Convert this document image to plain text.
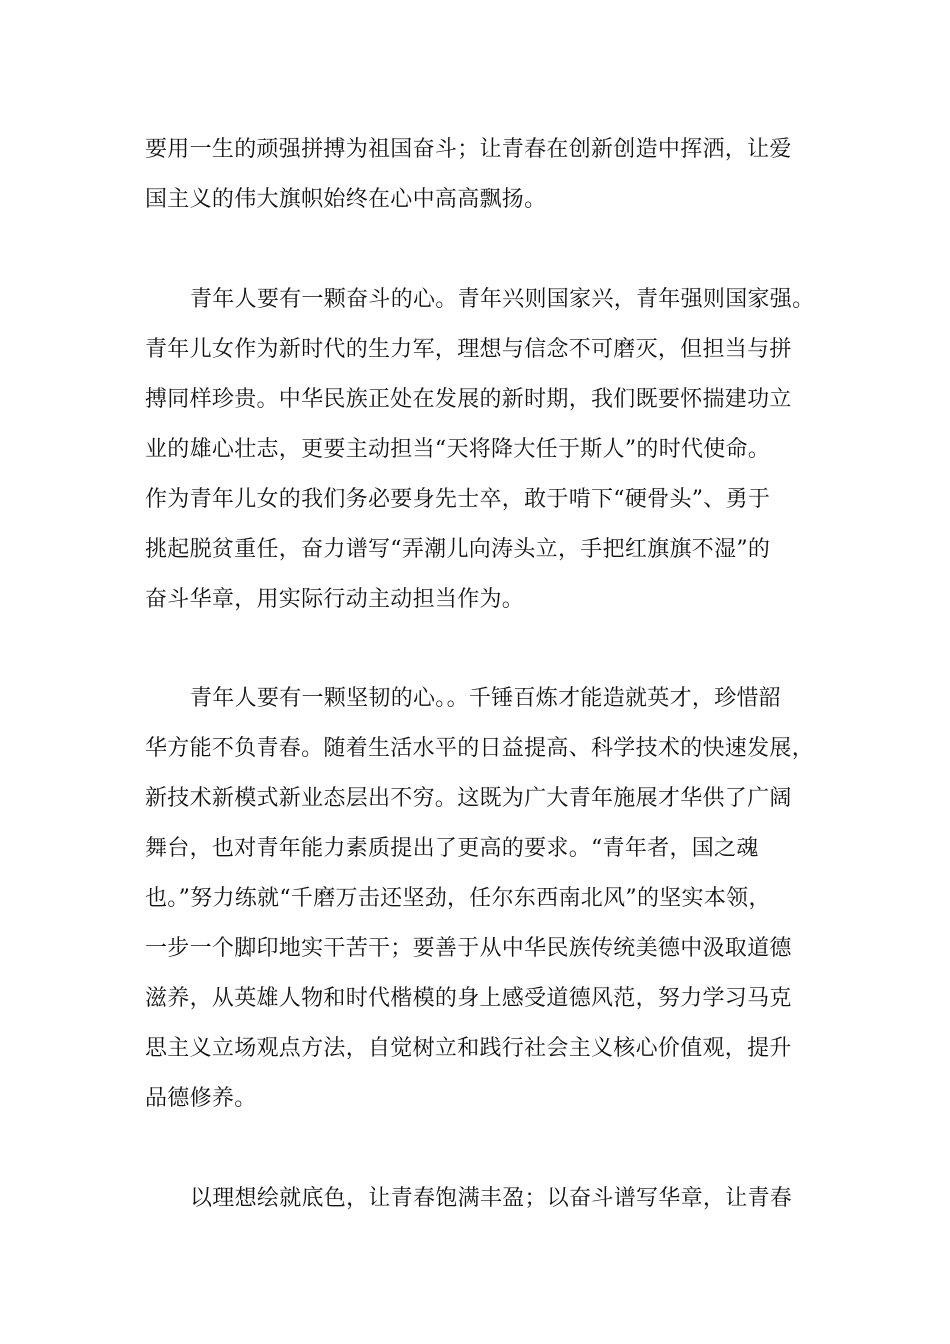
要用一生的顽强拼搏为祖国奋斗；让青春在创新创造中挥洒，让爱
国主义的伟大旗帜始终在心中高高飘扬。
青年人要有一颗奋斗的心。青年兴则国家兴，青年强则国家强。
青年儿女作为新时代的生力军，理想与信念不可磨灭，但担当与拼
搏同样珍贵。中华民族正处在发展的新时期，我们既要怀揣建功立
业的雄心壮志，更要主动担当“天将降大任于斯人”的时代使命。
作为青年儿女的我们务必要身先士卒，敢于啃下“硬骨头”、勇于
挑起脱贫重任，奋力谱写“弄潮儿向涛头立，手把红旗旗不湿”的
奋斗华章，用实际行动主动担当作为。
青年人要有一颗坚韧的心。。千锤百炼才能造就英才，珍惜韶
华方能不负青春。随着生活水平的日益提高、科学技术的快速发展，
新技术新模式新业态层出不穷。这既为广大青年施展才华供了广阔
舞台，也对青年能力素质提出了更高的要求。“青年者，国之魂
也。”努力练就“千磨万击还坚劲，任尔东西南北风”的坚实本领，
一步一个脚印地实干苦干；要善于从中华民族传统美德中汲取道德
滋养，从英雄人物和时代楷模的身上感受道德风范，努力学习马克
思主义立场观点方法，自觉树立和践行社会主义核心价值观，提升
品德修养。
以理想绘就底色，让青春饱满丰盈；以奋斗谱写华章，让青春
